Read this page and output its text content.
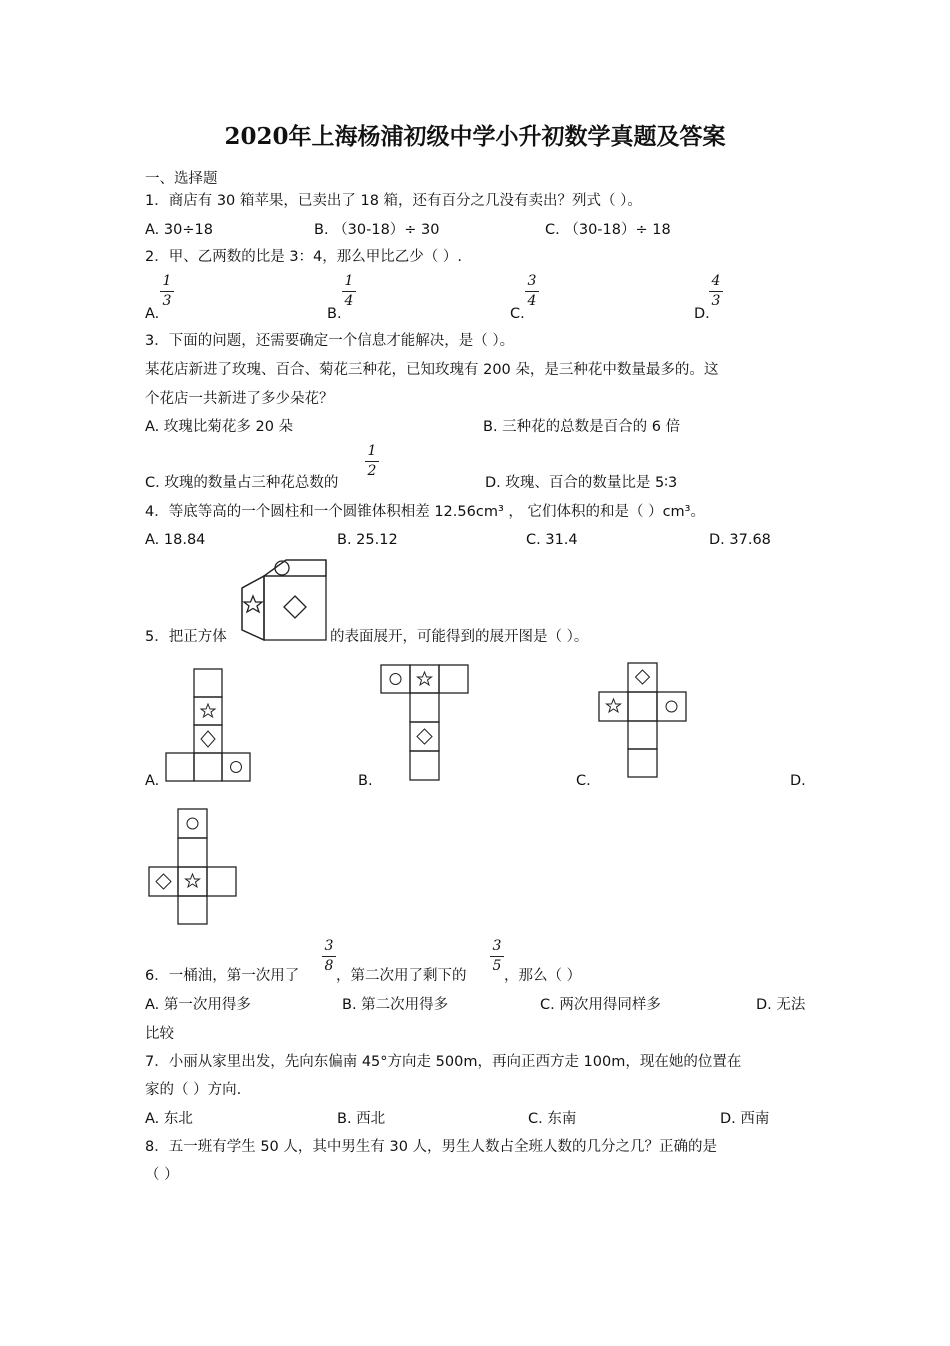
2020年上海杨浦初级中学小升初数学真题及答案
一、选择题
1．商店有 30 箱苹果，已卖出了 18 箱，还有百分之几没有卖出？列式（ ）。
A. 30÷18	B. （30-18）÷ 30	C. （30-18）÷ 18
2．甲、乙两数的比是 3：4，那么甲比乙少（ ）.
A.
1
3
B.
1
4
C.
3
4
D.
4
3
3．下面的问题，还需要确定一个信息才能解决，是（ ）。
某花店新进了玫瑰、百合、菊花三种花，已知玫瑰有 200 朵，是三种花中数量最多的。这
个花店一共新进了多少朵花？
A. 玫瑰比菊花多 20 朵	B. 三种花的总数是百合的 6 倍
C. 玫瑰的数量占三种花总数的
1
2
D. 玫瑰、百合的数量比是 5∶3
4．等底等高的一个圆柱和一个圆锥体积相差 12.56cm³ ， 它们体积的和是（ ）cm³。
A. 18.84	B. 25.12	C. 31.4	D. 37.68
5．把正方体	的表面展开，可能得到的展开图是（ ）。
A.	B.	C.	D.
6．一桶油，第一次用了
3
8
，第二次用了剩下的
3
5
，那么（ ）
A. 第一次用得多	B. 第二次用得多	C. 两次用得同样多	D. 无法
比较
7．小丽从家里出发，先向东偏南 45°方向走 500m，再向正西方走 100m，现在她的位置在
家的（ ）方向.
A. 东北	B. 西北	C. 东南	D. 西南
8．五一班有学生 50 人，其中男生有 30 人，男生人数占全班人数的几分之几？正确的是
（ ）
